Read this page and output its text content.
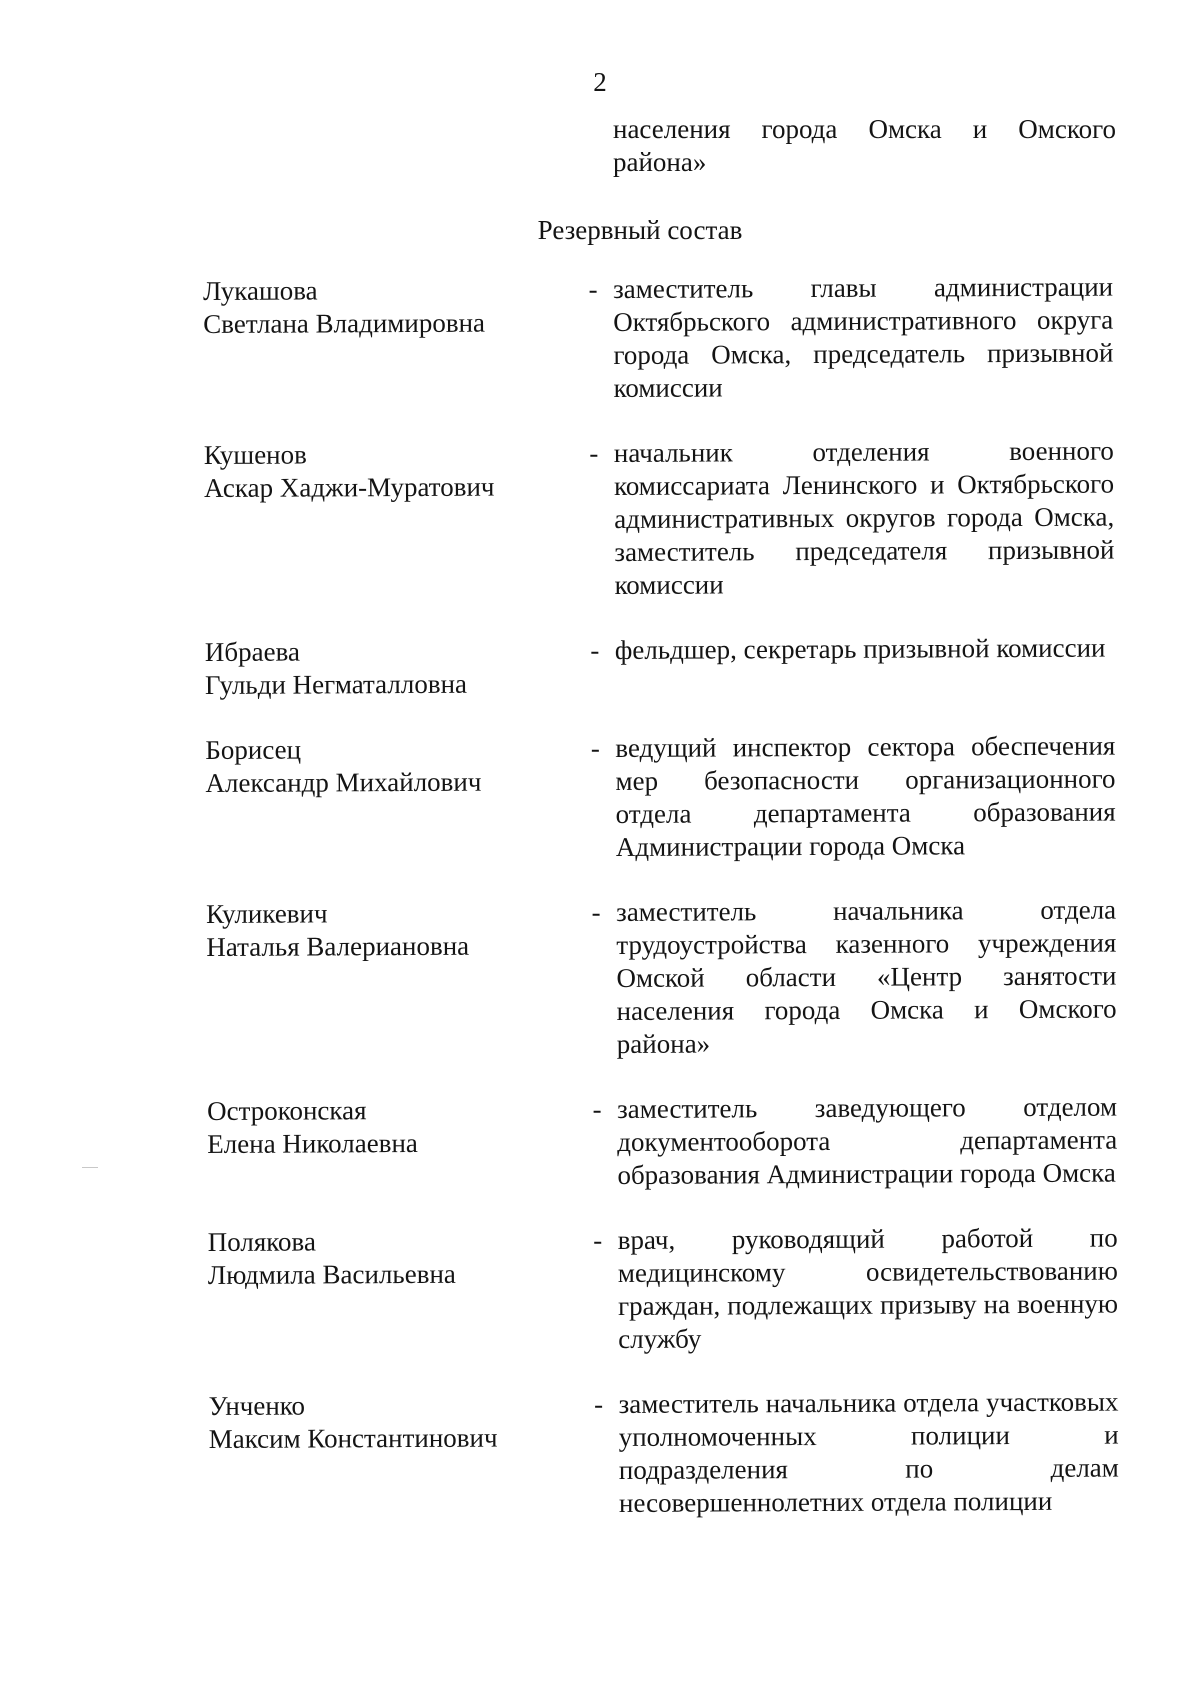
2
населения города Омска и Омского района»
Резервный состав
Лукашова
Светлана Владимировна
- заместитель главы администрации Октябрьского административного округа города Омска, председатель призывной комиссии
Кушенов
Аскар Хаджи-Муратович
- начальник отделения военного комиссариата Ленинского и Октябрьского административных округов города Омска, заместитель председателя призывной комиссии
Ибраева
Гульди Негматалловна
- фельдшер, секретарь призывной комиссии
Борисец
Александр Михайлович
- ведущий инспектор сектора обеспечения мер безопасности организационного отдела департамента образования Администрации города Омска
Куликевич
Наталья Валериановна
- заместитель начальника отдела трудоустройства казенного учреждения Омской области «Центр занятости населения города Омска и Омского района»
Остроконская
Елена Николаевна
- заместитель заведующего отделом документооборота департамента образования Администрации города Омска
Полякова
Людмила Васильевна
- врач, руководящий работой по медицинскому освидетельствованию граждан, подлежащих призыву на военную службу
Унченко
Максим Константинович
- заместитель начальника отдела участковых уполномоченных полиции и подразделения по делам несовершеннолетних отдела полиции
